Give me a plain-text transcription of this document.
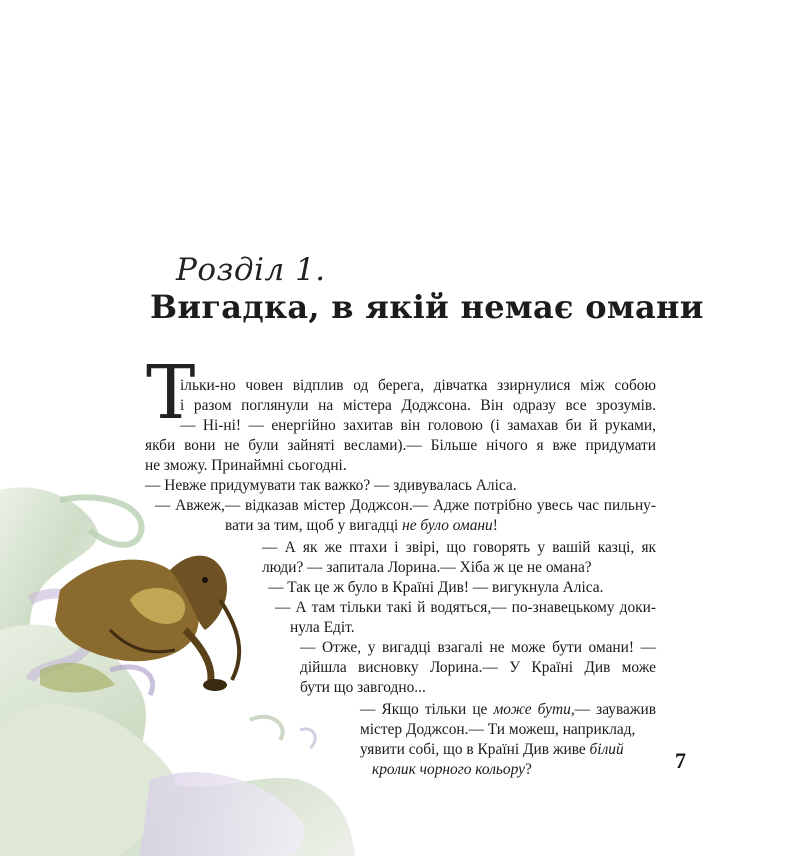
Розділ 1.
Вигадка, в якій немає омани
Т
ільки-но човен відплив од берега, дівчатка ззирнулися між собою
і разом поглянули на містера Доджсона. Він одразу все зрозумів.
— Ні-ні! — енергійно захитав він головою (і замахав би й руками,
якби вони не були зайняті веслами).— Більше нічого я вже придумати
не зможу. Принаймні сьогодні.
— Невже придумувати так важко? — здивувалась Аліса.
— Авжеж,— відказав містер Доджсон.— Адже потрібно увесь час пильну-
вати за тим, щоб у вигадці не було омани!
— А як же птахи і звірі, що говорять у вашій казці, як
люди? — запитала Лорина.— Хіба ж це не омана?
— Так це ж було в Країні Див! — вигукнула Аліса.
— А там тільки такі й водяться,— по-знавецькому доки-
нула Едіт.
— Отже, у вигадці взагалі не може бути омани! —
дійшла висновку Лорина.— У Країні Див може
бути що завгодно...
— Якщо тільки це може бути,— зауважив
містер Доджсон.— Ти можеш, наприклад,
уявити собі, що в Країні Див живе білий
кролик чорного кольору?	7
